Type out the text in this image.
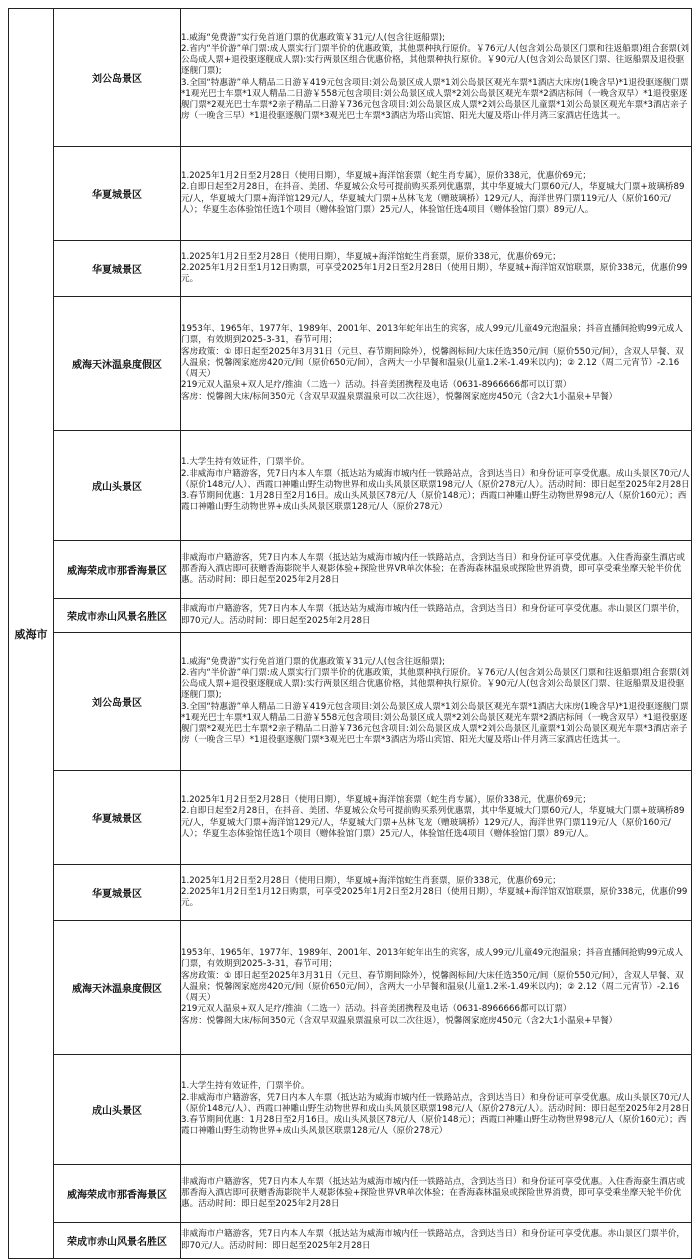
威海市	刘公岛景区	1.威海“免费游”实行免首道门票的优惠政策￥31元/人(包含往返船票);
2.省内“半价游”单门票:成人票实行门票半价的优惠政策，其他票种执行原价。￥76元/人(包含刘公岛景区门票和往返船票)组合套票(刘公岛成人票+退役驱逐舰成人票):实行两景区组合优惠价格，其他票种执行原价。￥90元/人(包含刘公岛景区门票、往返船票及退役驱逐舰门票);
3.全国“特惠游”单人精品二日游￥419元包含项目:刘公岛景区成人票*1刘公岛景区观光车票*1酒店大床房(1晚含早)*1退役驱逐舰门票*1观光巴士车票*1双人精品二日游￥558元包含项目:刘公岛景区成人票*2刘公岛景区观光车票*2酒店标间（一晚含双早）*1退役驱逐舰门票*2观光巴士车票*2亲子精品二日游￥736元包含项目:刘公岛景区成人票*2刘公岛景区儿童票*1刘公岛景区观光车票*3酒店亲子房（一晚含三早）*1退役驱逐舰门票*3观光巴士车票*3酒店为塔山宾馆、阳光大厦及塔山·伴月湾三家酒店任选其一。

	华夏城景区	1.2025年1月2日至2月28日（使用日期），华夏城+海洋馆套票（蛇生肖专属），原价338元，优惠价69元；
2.自即日起至2月28日，在抖音、美团、华夏城公众号可提前购买系列优惠票，其中华夏城大门票60元/人，华夏城大门票+玻璃桥89元/人，华夏城大门票+海洋馆129元/人，华夏城大门票+丛林飞龙（赠玻璃桥）129元/人，海洋世界门票119元/人（原价160元/人）；华夏生态体验馆任选1个项目（赠体验馆门票）25元/人，体验馆任选4项目（赠体验馆门票）89元/人。

	华夏城景区	1.2025年1月2日至2月28日（使用日期），华夏城+海洋馆蛇生肖套票，原价338元，优惠价69元；
2.2025年1月2日至1月12日购票，可享受2025年1月2日至2月28日（使用日期），华夏城+海洋馆双馆联票，原价338元，优惠价99元。

	威海天沐温泉度假区	1953年、1965年、1977年、1989年、2001年、2013年蛇年出生的宾客，成人99元/儿童49元泡温泉；抖音直播间抢购99元成人门票，有效期到2025-3-31，春节可用；
客房政策：① 即日起至2025年3月31日（元旦、春节期间除外），悦馨阁标间/大床任选350元/间（原价550元/间），含双人早餐、双人温泉；悦馨阁家庭房420元/间（原价650元/间），含两大一小早餐和温泉(儿童1.2米-1.49米以内)；② 2.12（周二元宵节）-2.16（周天）
219元双人温泉+双人足疗/推油（二选一）活动。抖音美团携程及电话（0631-8966666都可以订票）
客房：悦馨阁大床/标间350元（含双早双温泉票温泉可以二次往返），悦馨阁家庭房450元（含2大1小温泉+早餐）

	成山头景区	1.大学生持有效证件，门票半价。
2.非威海市户籍游客，凭7日内本人车票（抵达站为威海市城内任一铁路站点，含到达当日）和身份证可享受优惠。成山头景区70元/人（原价148元/人）、西霞口神雕山野生动物世界和成山头风景区联票198元/人（原价278元/人）。活动时间：即日起至2025年2月28日
3.春节期间优惠：1月28日至2月16日。成山头风景区78元/人（原价148元）；西霞口神雕山野生动物世界98元/人（原价160元）；西霞口神雕山野生动物世界+成山头风景区联票128元/人（原价278元）

	威海荣成市那香海景区	非威海市户籍游客，凭7日内本人车票（抵达站为威海市城内任一铁路站点，含到达当日）和身份证可享受优惠。入住香海豪生酒店或那香海入酒店即可获赠香海影院半人观影体验+探险世界VR单次体验；在香海森林温泉或探险世界消费，即可享受乘坐摩天轮半价优惠。活动时间：即日起至2025年2月28日

	荣成市赤山风景名胜区	非威海市户籍游客，凭7日内本人车票（抵达站为威海市城内任一铁路站点，含到达当日）和身份证可享受优惠。赤山景区门票半价，即70元/人。活动时间：即日起至2025年2月28日

	刘公岛景区	1.威海“免费游”实行免首道门票的优惠政策￥31元/人(包含往返船票);
2.省内“半价游”单门票:成人票实行门票半价的优惠政策，其他票种执行原价。￥76元/人(包含刘公岛景区门票和往返船票)组合套票(刘公岛成人票+退役驱逐舰成人票):实行两景区组合优惠价格，其他票种执行原价。￥90元/人(包含刘公岛景区门票、往返船票及退役驱逐舰门票);
3.全国“特惠游”单人精品二日游￥419元包含项目:刘公岛景区成人票*1刘公岛景区观光车票*1酒店大床房(1晚含早)*1退役驱逐舰门票*1观光巴士车票*1双人精品二日游￥558元包含项目:刘公岛景区成人票*2刘公岛景区观光车票*2酒店标间（一晚含双早）*1退役驱逐舰门票*2观光巴士车票*2亲子精品二日游￥736元包含项目:刘公岛景区成人票*2刘公岛景区儿童票*1刘公岛景区观光车票*3酒店亲子房（一晚含三早）*1退役驱逐舰门票*3观光巴士车票*3酒店为塔山宾馆、阳光大厦及塔山·伴月湾三家酒店任选其一。

	华夏城景区	1.2025年1月2日至2月28日（使用日期），华夏城+海洋馆套票（蛇生肖专属），原价338元，优惠价69元；
2.自即日起至2月28日，在抖音、美团、华夏城公众号可提前购买系列优惠票，其中华夏城大门票60元/人，华夏城大门票+玻璃桥89元/人，华夏城大门票+海洋馆129元/人，华夏城大门票+丛林飞龙（赠玻璃桥）129元/人，海洋世界门票119元/人（原价160元/人）；华夏生态体验馆任选1个项目（赠体验馆门票）25元/人，体验馆任选4项目（赠体验馆门票）89元/人。

	华夏城景区	1.2025年1月2日至2月28日（使用日期），华夏城+海洋馆蛇生肖套票，原价338元，优惠价69元；
2.2025年1月2日至1月12日购票，可享受2025年1月2日至2月28日（使用日期），华夏城+海洋馆双馆联票，原价338元，优惠价99元。

	威海天沐温泉度假区	1953年、1965年、1977年、1989年、2001年、2013年蛇年出生的宾客，成人99元/儿童49元泡温泉；抖音直播间抢购99元成人门票，有效期到2025-3-31，春节可用；
客房政策：① 即日起至2025年3月31日（元旦、春节期间除外），悦馨阁标间/大床任选350元/间（原价550元/间），含双人早餐、双人温泉；悦馨阁家庭房420元/间（原价650元/间），含两大一小早餐和温泉(儿童1.2米-1.49米以内)；② 2.12（周二元宵节）-2.16（周天）
219元双人温泉+双人足疗/推油（二选一）活动。抖音美团携程及电话（0631-8966666都可以订票）
客房：悦馨阁大床/标间350元（含双早双温泉票温泉可以二次往返），悦馨阁家庭房450元（含2大1小温泉+早餐）

	成山头景区	1.大学生持有效证件，门票半价。
2.非威海市户籍游客，凭7日内本人车票（抵达站为威海市城内任一铁路站点，含到达当日）和身份证可享受优惠。成山头景区70元/人（原价148元/人）、西霞口神雕山野生动物世界和成山头风景区联票198元/人（原价278元/人）。活动时间：即日起至2025年2月28日
3.春节期间优惠：1月28日至2月16日。成山头风景区78元/人（原价148元）；西霞口神雕山野生动物世界98元/人（原价160元）；西霞口神雕山野生动物世界+成山头风景区联票128元/人（原价278元）

	威海荣成市那香海景区	非威海市户籍游客，凭7日内本人车票（抵达站为威海市城内任一铁路站点，含到达当日）和身份证可享受优惠。入住香海豪生酒店或那香海入酒店即可获赠香海影院半人观影体验+探险世界VR单次体验；在香海森林温泉或探险世界消费，即可享受乘坐摩天轮半价优惠。活动时间：即日起至2025年2月28日

	荣成市赤山风景名胜区	非威海市户籍游客，凭7日内本人车票（抵达站为威海市城内任一铁路站点，含到达当日）和身份证可享受优惠。赤山景区门票半价，即70元/人。活动时间：即日起至2025年2月28日
